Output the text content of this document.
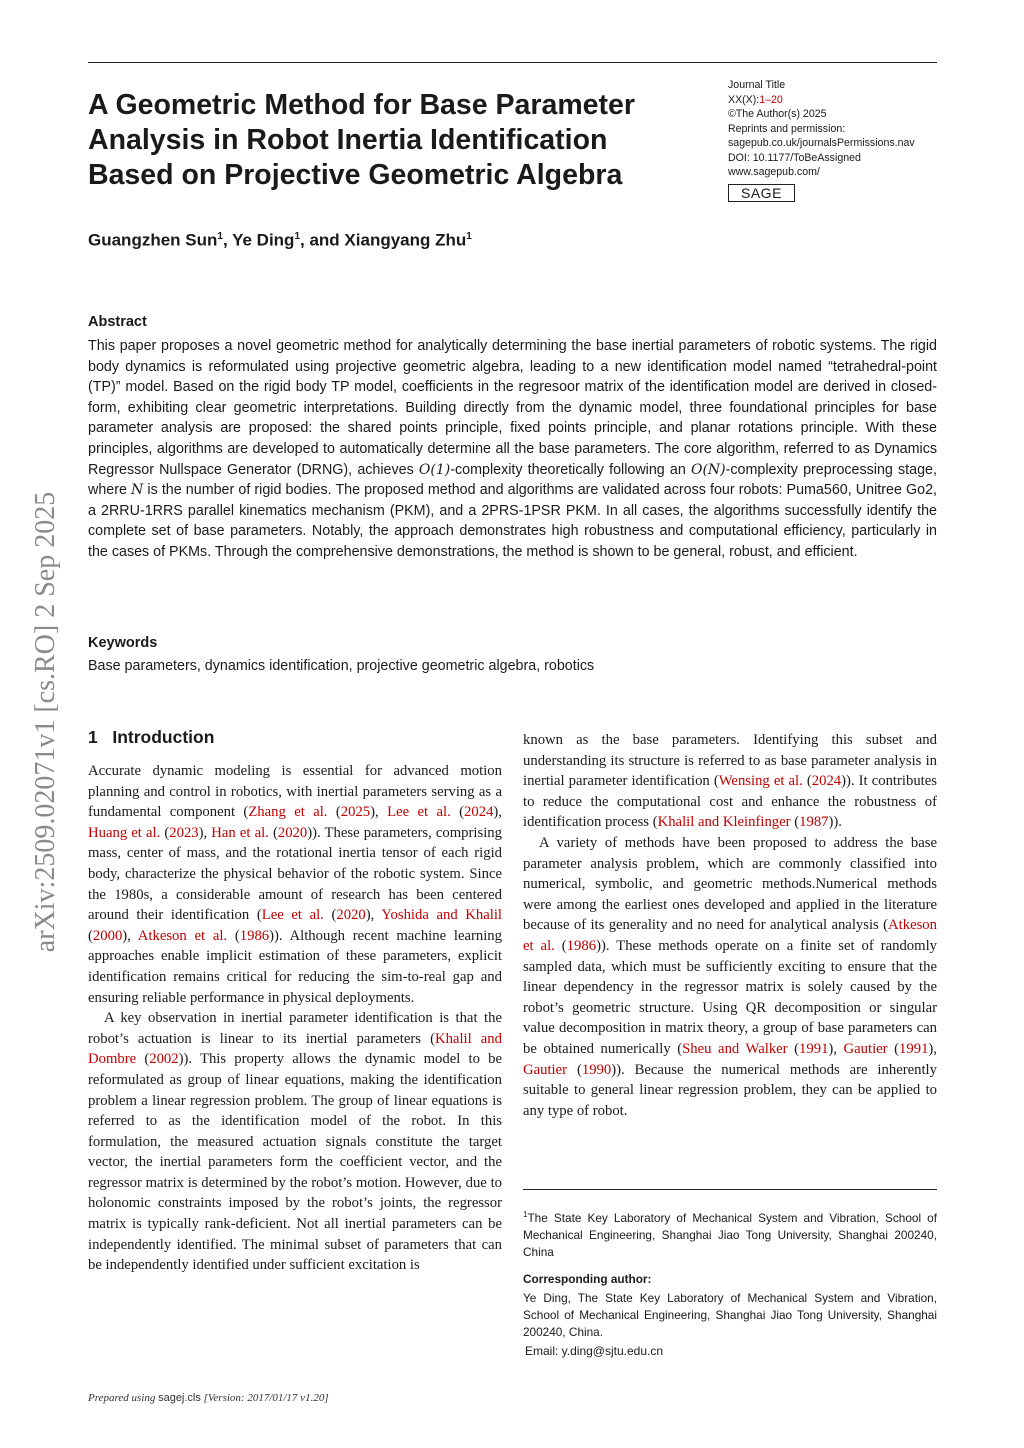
A Geometric Method for Base Parameter Analysis in Robot Inertia Identification Based on Projective Geometric Algebra
Journal Title
XX(X):1–20
©The Author(s) 2025
Reprints and permission:
sagepub.co.uk/journalsPermissions.nav
DOI: 10.1177/ToBeAssigned
www.sagepub.com/
SAGE
Guangzhen Sun$^1$, Ye Ding$^1$, and Xiangyang Zhu$^1$
Abstract

This paper proposes a novel geometric method for analytically determining the base inertial parameters of robotic systems. The rigid body dynamics is reformulated using projective geometric algebra, leading to a new identification model named “tetrahedral-point (TP)” model. Based on the rigid body TP model, coefficients in the regresoor matrix of the identification model are derived in closed-form, exhibiting clear geometric interpretations. Building directly from the dynamic model, three foundational principles for base parameter analysis are proposed: the shared points principle, fixed points principle, and planar rotations principle. With these principles, algorithms are developed to automatically determine all the base parameters. The core algorithm, referred to as Dynamics Regressor Nullspace Generator (DRNG), achieves O(1)-complexity theoretically following an O(N)-complexity preprocessing stage, where N is the number of rigid bodies. The proposed method and algorithms are validated across four robots: Puma560, Unitree Go2, a 2RRU-1RRS parallel kinematics mechanism (PKM), and a 2PRS-1PSR PKM. In all cases, the algorithms successfully identify the complete set of base parameters. Notably, the approach demonstrates high robustness and computational efficiency, particularly in the cases of PKMs. Through the comprehensive demonstrations, the method is shown to be general, robust, and efficient.

Keywords

Base parameters, dynamics identification, projective geometric algebra, robotics

1 Introduction

Accurate dynamic modeling is essential for advanced motion planning and control in robotics, with inertial parameters serving as a fundamental component (Zhang et al. (2025), Lee et al. (2024), Huang et al. (2023), Han et al. (2020)). These parameters, comprising mass, center of mass, and the rotational inertia tensor of each rigid body, characterize the physical behavior of the robotic system. Since the 1980s, a considerable amount of research has been centered around their identification (Lee et al. (2020), Yoshida and Khalil (2000), Atkeson et al. (1986)). Although recent machine learning approaches enable implicit estimation of these parameters, explicit identification remains critical for reducing the sim-to-real gap and ensuring reliable performance in physical deployments.

A key observation in inertial parameter identification is that the robot’s actuation is linear to its inertial parameters (Khalil and Dombre (2002)). This property allows the dynamic model to be reformulated as group of linear equations, making the identification problem a linear regression problem. The group of linear equations is referred to as the identification model of the robot. In this formulation, the measured actuation signals constitute the target vector, the inertial parameters form the coefficient vector, and the regressor matrix is determined by the robot’s motion. However, due to holonomic constraints imposed by the robot’s joints, the regressor matrix is typically rank-deficient. Not all inertial parameters can be independently identified. The minimal subset of parameters that can be independently identified under sufficient excitation is

known as the base parameters. Identifying this subset and understanding its structure is referred to as base parameter analysis in inertial parameter identification (Wensing et al. (2024)). It contributes to reduce the computational cost and enhance the robustness of identification process (Khalil and Kleinfinger (1987)).

A variety of methods have been proposed to address the base parameter analysis problem, which are commonly classified into numerical, symbolic, and geometric methods.Numerical methods were among the earliest ones developed and applied in the literature because of its generality and no need for analytical analysis (Atkeson et al. (1986)). These methods operate on a finite set of randomly sampled data, which must be sufficiently exciting to ensure that the linear dependency in the regressor matrix is solely caused by the robot’s geometric structure. Using QR decomposition or singular value decomposition in matrix theory, a group of base parameters can be obtained numerically (Sheu and Walker (1991), Gautier (1991), Gautier (1990)). Because the numerical methods are inherently suitable to general linear regression problem, they can be applied to any type of robot.

$^1$The State Key Laboratory of Mechanical System and Vibration, School of Mechanical Engineering, Shanghai Jiao Tong University, Shanghai 200240, China

Corresponding author:

Ye Ding, The State Key Laboratory of Mechanical System and Vibration, School of Mechanical Engineering, Shanghai Jiao Tong University, Shanghai 200240, China.

Email: y.ding@sjtu.edu.cn
Prepared using sagej.cls [Version: 2017/01/17 v1.20]
arXiv:2509.02071v1 [cs.RO] 2 Sep 2025
